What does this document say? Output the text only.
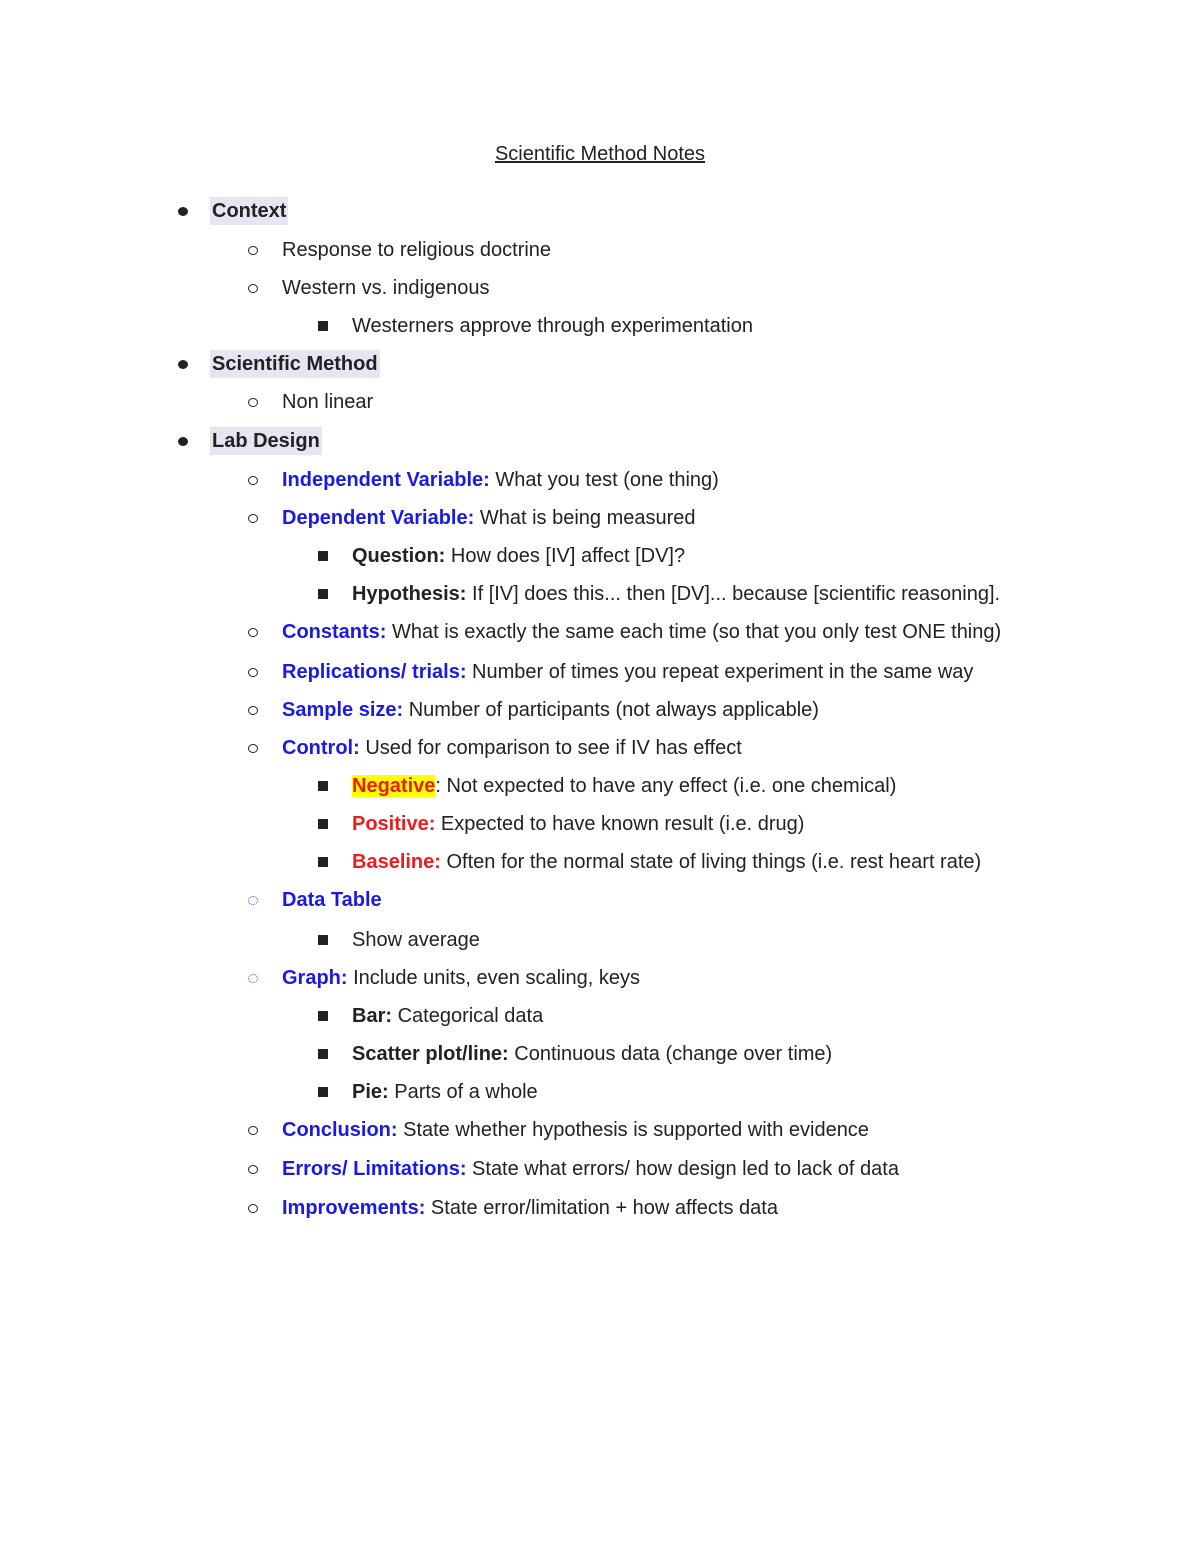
Scientific Method Notes
Context
Response to religious doctrine
Western vs. indigenous
Westerners approve through experimentation
Scientific Method
Non linear
Lab Design
Independent Variable: What you test (one thing)
Dependent Variable: What is being measured
Question: How does [IV] affect [DV]?
Hypothesis: If [IV] does this... then [DV]... because [scientific reasoning].
Constants: What is exactly the same each time (so that you only test ONE thing)
Replications/ trials: Number of times you repeat experiment in the same way
Sample size: Number of participants (not always applicable)
Control: Used for comparison to see if IV has effect
Negative: Not expected to have any effect (i.e. one chemical)
Positive: Expected to have known result (i.e. drug)
Baseline: Often for the normal state of living things (i.e. rest heart rate)
Data Table
Show average
Graph: Include units, even scaling, keys
Bar: Categorical data
Scatter plot/line: Continuous data (change over time)
Pie: Parts of a whole
Conclusion: State whether hypothesis is supported with evidence
Errors/ Limitations: State what errors/ how design led to lack of data
Improvements: State error/limitation + how affects data
